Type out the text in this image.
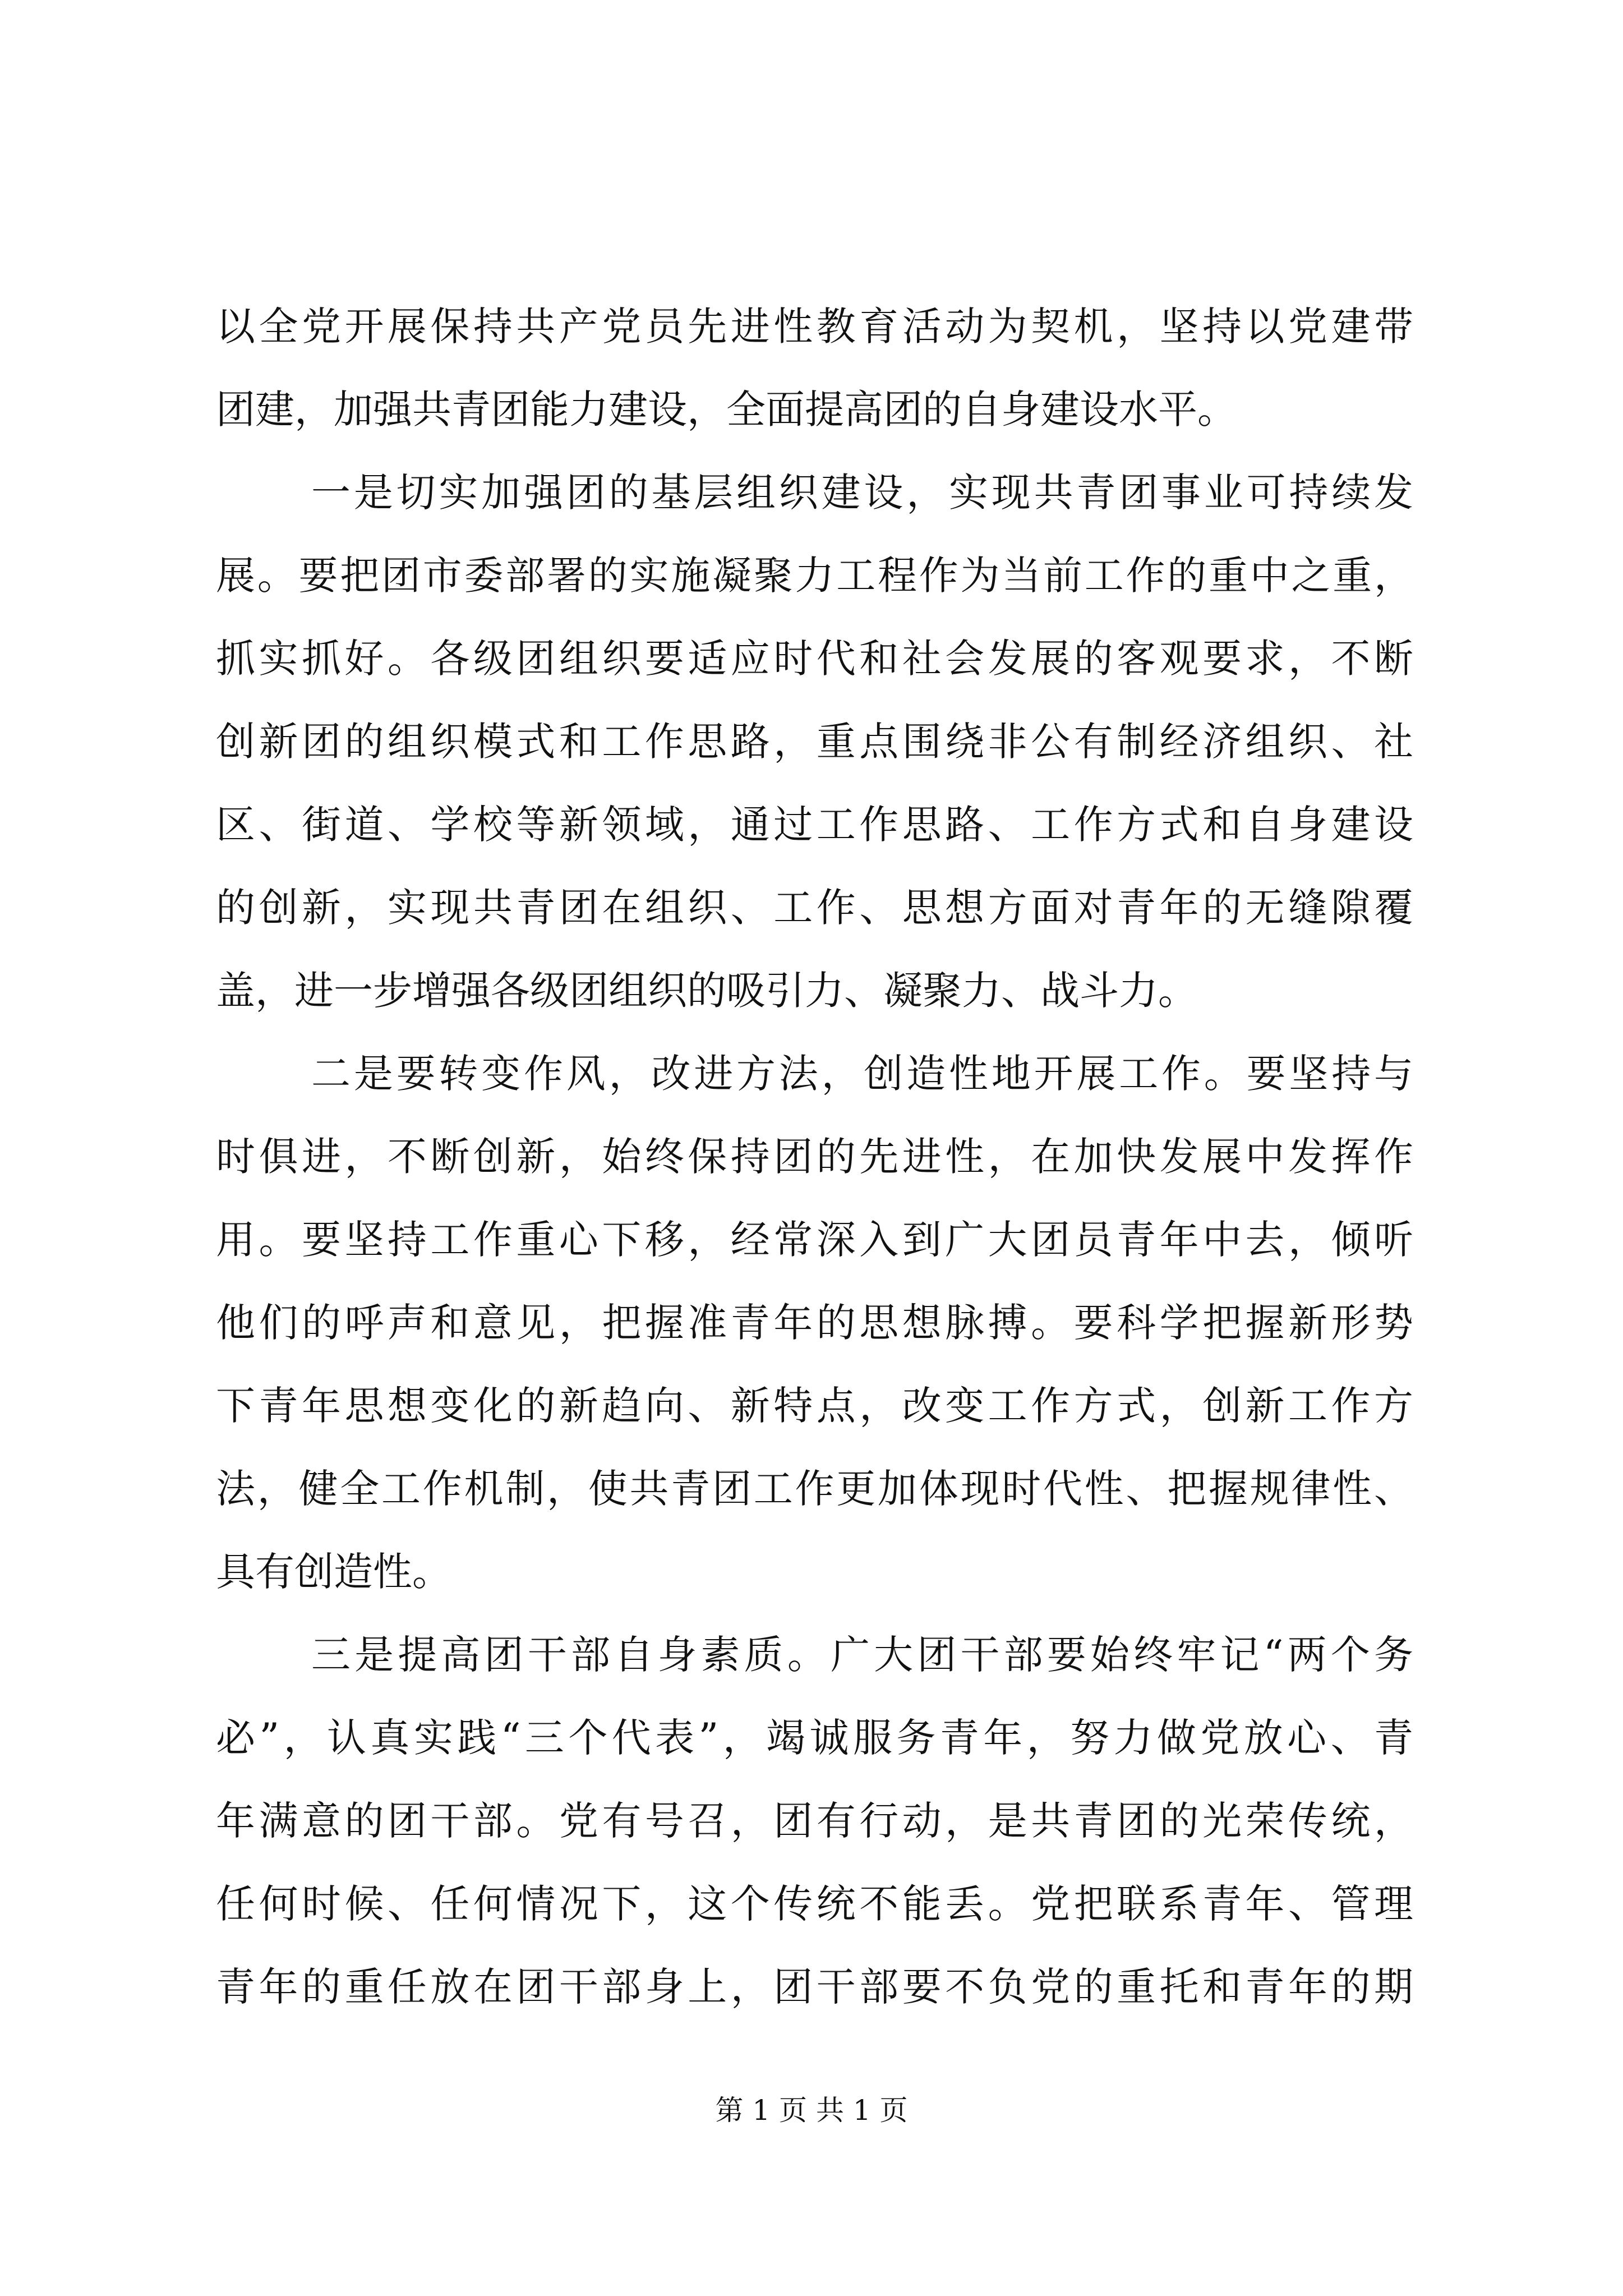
以全党开展保持共产党员先进性教育活动为契机，坚持以党建带
团建，加强共青团能力建设，全面提高团的自身建设水平。
一是切实加强团的基层组织建设，实现共青团事业可持续发
展。要把团市委部署的实施凝聚力工程作为当前工作的重中之重，
抓实抓好。各级团组织要适应时代和社会发展的客观要求，不断
创新团的组织模式和工作思路，重点围绕非公有制经济组织、社
区、街道、学校等新领域，通过工作思路、工作方式和自身建设
的创新，实现共青团在组织、工作、思想方面对青年的无缝隙覆
盖，进一步增强各级团组织的吸引力、凝聚力、战斗力。
二是要转变作风，改进方法，创造性地开展工作。要坚持与
时俱进，不断创新，始终保持团的先进性，在加快发展中发挥作
用。要坚持工作重心下移，经常深入到广大团员青年中去，倾听
他们的呼声和意见，把握准青年的思想脉搏。要科学把握新形势
下青年思想变化的新趋向、新特点，改变工作方式，创新工作方
法，健全工作机制，使共青团工作更加体现时代性、把握规律性、
具有创造性。
三是提高团干部自身素质。广大团干部要始终牢记“两个务
必”，认真实践“三个代表”，竭诚服务青年，努力做党放心、青
年满意的团干部。党有号召，团有行动，是共青团的光荣传统，
任何时候、任何情况下，这个传统不能丢。党把联系青年、管理
青年的重任放在团干部身上，团干部要不负党的重托和青年的期
第 1 页 共 1 页
